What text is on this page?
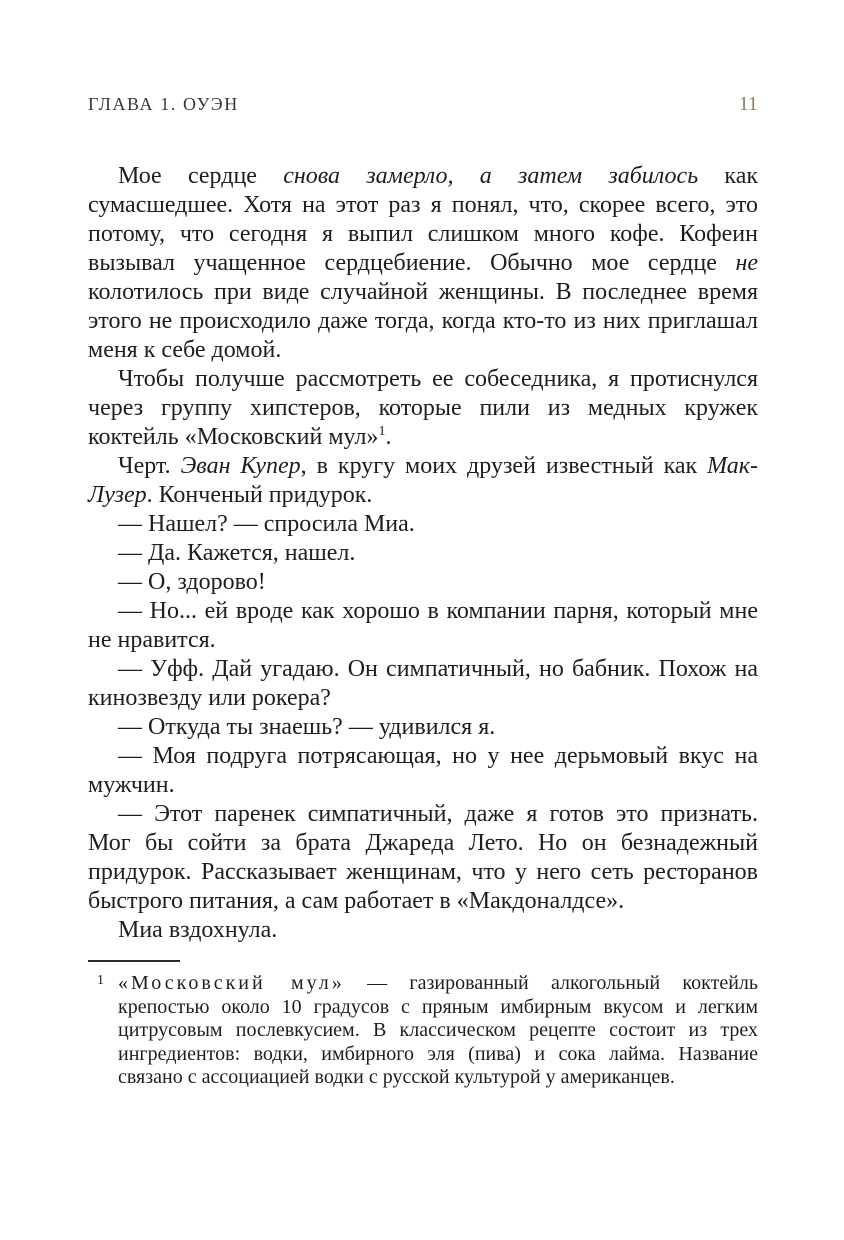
ГЛАВА 1. ОУЭН	11

Мое сердце снова замерло, а затем забилось как сумасшедшее. Хотя на этот раз я понял, что, скорее всего, это потому, что сегодня я выпил слишком много кофе. Кофеин вызывал учащенное сердцебиение. Обычно мое сердце не колотилось при виде случайной женщины. В последнее время этого не происходило даже тогда, когда кто-то из них приглашал меня к себе домой.

Чтобы получше рассмотреть ее собеседника, я протиснулся через группу хипстеров, которые пили из медных кружек коктейль «Московский мул»$^1$.

Черт. Эван Купер, в кругу моих друзей известный как Мак-Лузер. Конченый придурок.

— Нашел? — спросила Миа.

— Да. Кажется, нашел.

— О, здорово!

— Но... ей вроде как хорошо в компании парня, который мне не нравится.

— Уфф. Дай угадаю. Он симпатичный, но бабник. Похож на кинозвезду или рокера?

— Откуда ты знаешь? — удивился я.

— Моя подруга потрясающая, но у нее дерьмовый вкус на мужчин.

— Этот паренек симпатичный, даже я готов это признать. Мог бы сойти за брата Джареда Лето. Но он безнадежный придурок. Рассказывает женщинам, что у него сеть ресторанов быстрого питания, а сам работает в «Макдоналдсе».

Миа вздохнула.

1 «Московский мул» — газированный алкогольный коктейль крепостью около 10 градусов с пряным имбирным вкусом и легким цитрусовым послевкусием. В классическом рецепте состоит из трех ингредиентов: водки, имбирного эля (пива) и сока лайма. Название связано с ассоциацией водки с русской культурой у американцев.
